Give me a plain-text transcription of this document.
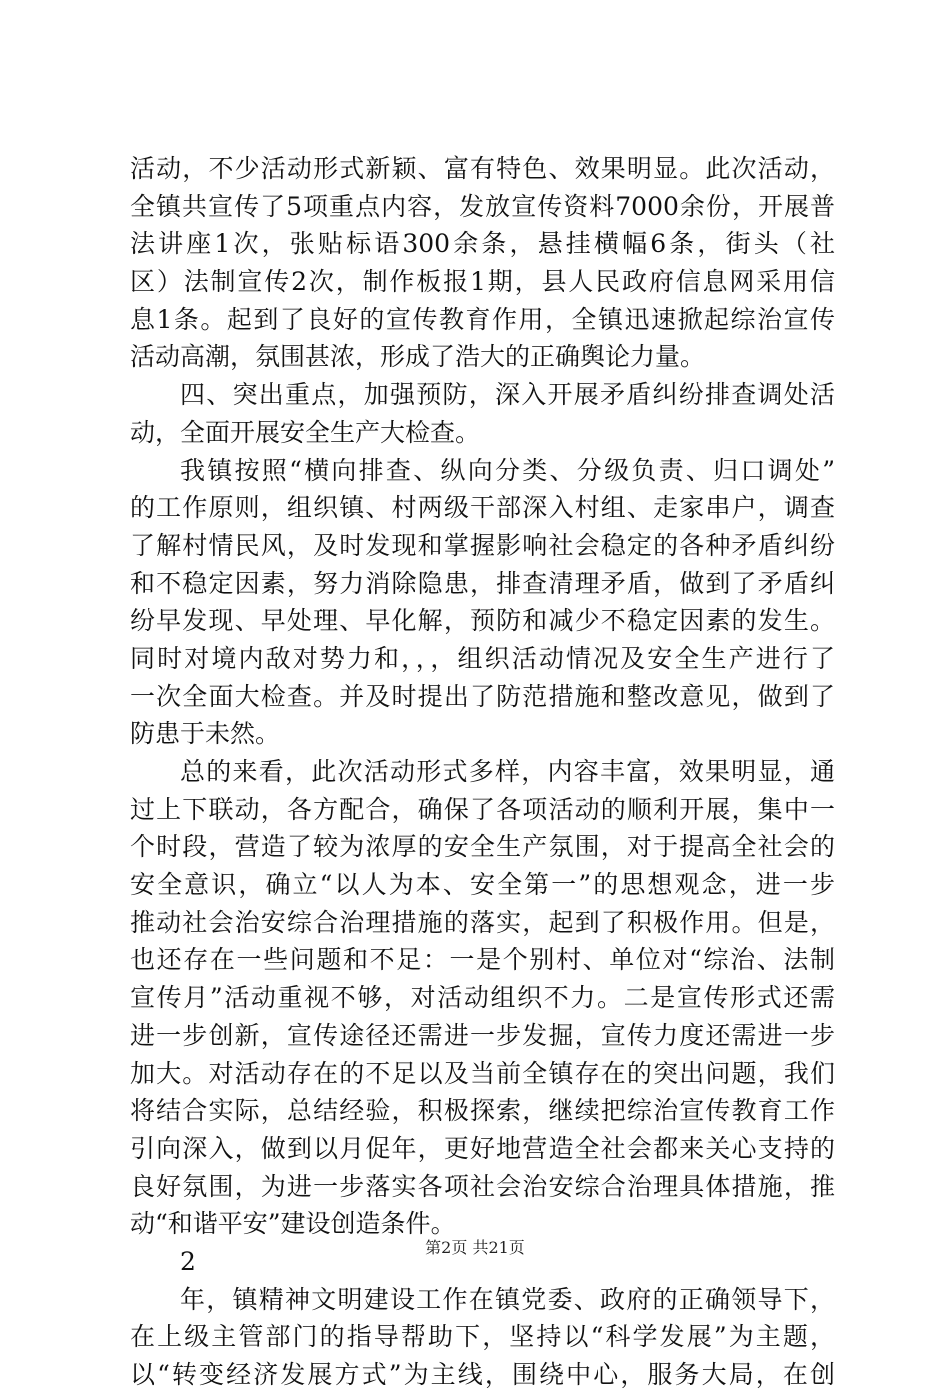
活动，不少活动形式新颖、富有特色、效果明显。此次活动，
全镇共宣传了5项重点内容，发放宣传资料7000余份，开展普
法讲座1次，张贴标语300余条，悬挂横幅6条，街头（社
区）法制宣传2次，制作板报1期，县人民政府信息网采用信
息1条。起到了良好的宣传教育作用，全镇迅速掀起综治宣传
活动高潮，氛围甚浓，形成了浩大的正确舆论力量。
四、突出重点，加强预防，深入开展矛盾纠纷排查调处活
动，全面开展安全生产大检查。
我镇按照“横向排查、纵向分类、分级负责、归口调处”
的工作原则，组织镇、村两级干部深入村组、走家串户，调查
了解村情民风，及时发现和掌握影响社会稳定的各种矛盾纠纷
和不稳定因素，努力消除隐患，排查清理矛盾，做到了矛盾纠
纷早发现、早处理、早化解，预防和减少不稳定因素的发生。
同时对境内敌对势力和，，，组织活动情况及安全生产进行了
一次全面大检查。并及时提出了防范措施和整改意见，做到了
防患于未然。
总的来看，此次活动形式多样，内容丰富，效果明显，通
过上下联动，各方配合，确保了各项活动的顺利开展，集中一
个时段，营造了较为浓厚的安全生产氛围，对于提高全社会的
安全意识，确立“以人为本、安全第一”的思想观念，进一步
推动社会治安综合治理措施的落实，起到了积极作用。但是，
也还存在一些问题和不足：一是个别村、单位对“综治、法制
宣传月”活动重视不够，对活动组织不力。二是宣传形式还需
进一步创新，宣传途径还需进一步发掘，宣传力度还需进一步
加大。对活动存在的不足以及当前全镇存在的突出问题，我们
将结合实际，总结经验，积极探索，继续把综治宣传教育工作
引向深入，做到以月促年，更好地营造全社会都来关心支持的
良好氛围，为进一步落实各项社会治安综合治理具体措施，推
动“和谐平安”建设创造条件。
2
年，镇精神文明建设工作在镇党委、政府的正确领导下，
在上级主管部门的指导帮助下，坚持以“科学发展”为主题，
以“转变经济发展方式”为主线，围绕中心，服务大局，在创
第2页 共21页
